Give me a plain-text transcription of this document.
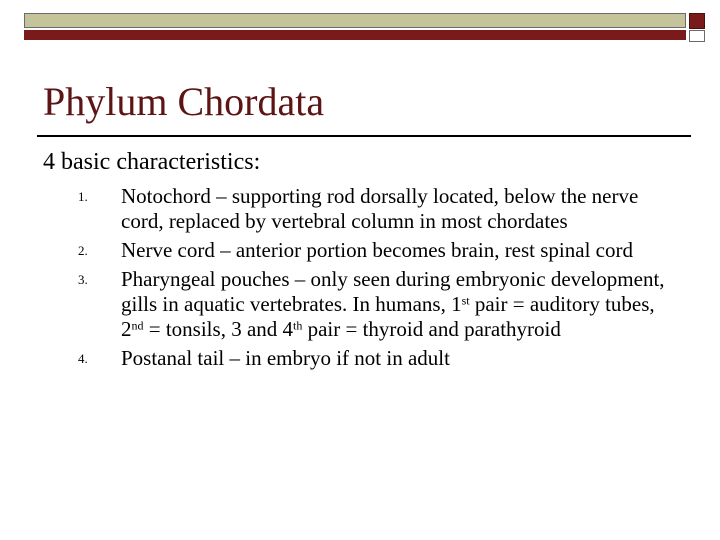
Phylum Chordata
4 basic characteristics:
1.	Notochord – supporting rod dorsally located, below the nerve cord, replaced by vertebral column in most chordates
2.	Nerve cord – anterior portion becomes brain, rest spinal cord
3.	Pharyngeal pouches – only seen during embryonic development, gills in aquatic vertebrates. In humans, 1st pair = auditory tubes, 2nd = tonsils, 3 and 4th pair = thyroid and parathyroid
4.	Postanal tail – in embryo if not in adult
